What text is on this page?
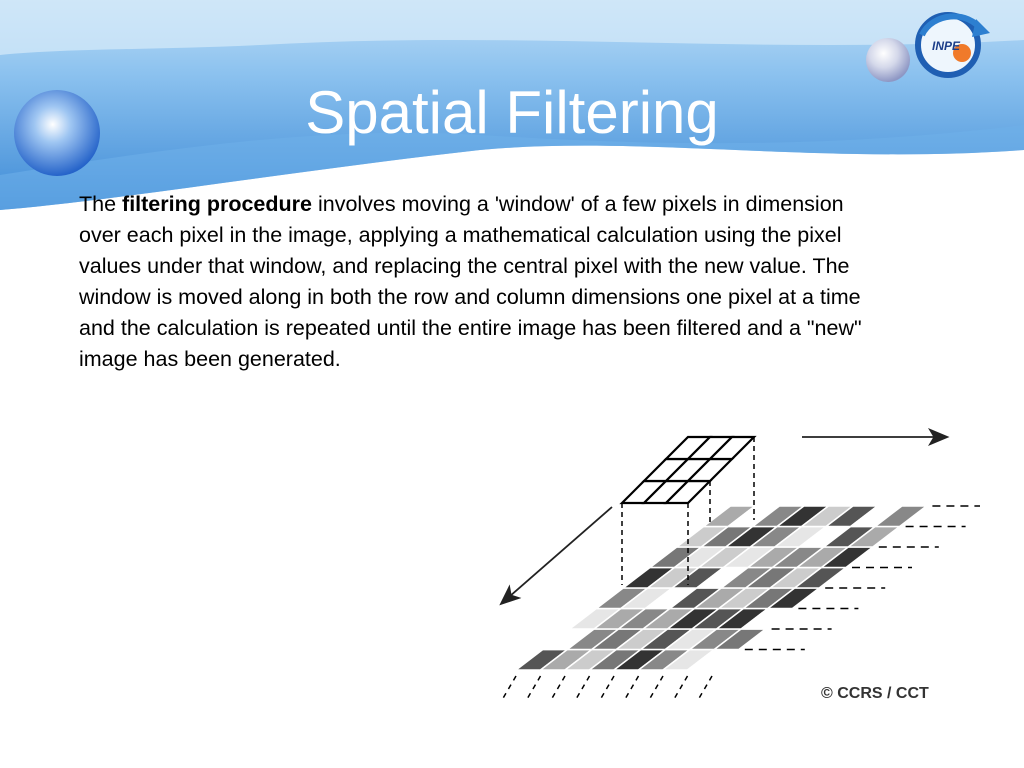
INPE
Spatial Filtering
The filtering procedure involves moving a 'window' of a few pixels in dimension over each pixel in the image, applying a mathematical calculation using the pixel values under that window, and replacing the central pixel with the new value. The window is moved along in both the row and column dimensions one pixel at a time and the calculation is repeated until the entire image has been filtered and a "new" image has been generated.
© CCRS / CCT
